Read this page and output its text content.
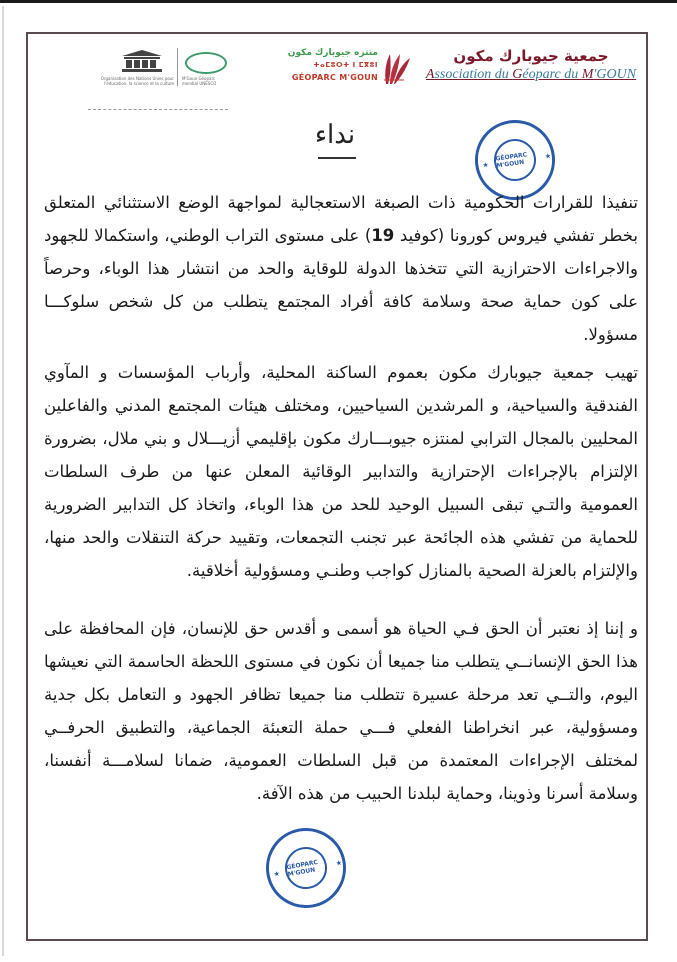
Organisation des Nations Unies pour l'éducation, la science et la culture
M'Goun Géoparc mondial UNESCO
منتزه جيوبارك مكون
ⵜⴰⵎⵓⵔⵜ ⵏ ⵎⴳⵓⵏ
GÉOPARC M'GOUN
جمعية جيوبارك مكون
Association du Géoparc du M'GOUN
نداء
GÉOPARC M'GOUN
★
★
تنفيذا للقرارات الحكومية ذات الصبغة الاستعجالية لمواجهة الوضع الاستثنائي المتعلق بخطر تفشي فيروس كورونا (كوفيد 19) على مستوى التراب الوطني، واستكمالا للجهود والاجراءات الاحترازية التي تتخذها الدولة للوقاية والحد من انتشار هذا الوباء، وحرصاً على كون حماية صحة وسلامة كافة أفراد المجتمع يتطلب من كل شخص سلوكـــا مسؤولا.
تهيب جمعية جيوبارك مكون بعموم الساكنة المحلية، وأرباب المؤسسات و المآوي الفندقية والسياحية، و المرشدين السياحيين، ومختلف هيئات المجتمع المدني والفاعلين المحليين بالمجال الترابي لمنتزه جيوبـــارك مكون بإقليمي أزيـــلال و بني ملال، بضرورة الإلتزام بالإجراءات الإحترازية والتدابير الوقائية المعلن عنها من طرف السلطات العمومية والتـي تبقى السبيل الوحيد للحد من هذا الوباء، واتخاذ كل التدابير الضرورية للحماية من تفشي هذه الجائحة عبر تجنب التجمعات، وتقييد حركة التنقلات والحد منها، والإلتزام بالعزلة الصحية بالمنازل كواجب وطنـي ومسؤولية أخلاقية.
و إننا إذ نعتبر أن الحق فـي الحياة هو أسمى و أقدس حق للإنسان، فإن المحافظة على هذا الحق الإنسانــي يتطلب منا جميعا أن نكون في مستوى اللحظة الحاسمة التي نعيشها اليوم، والتــي تعد مرحلة عسيرة تتطلب منا جميعا تظافر الجهود و التعامل بكل جدية ومسؤولية، عبر انخراطنا الفعلي فـــي حملة التعبئة الجماعية، والتطبيق الحرفــي لمختلف الإجراءات المعتمدة من قبل السلطات العمومية، ضمانا لسلامـــة أنفسنا، وسلامة أسرنا وذوينا، وحماية لبلدنا الحبيب من هذه الآفة.
GÉOPARC M'GOUN
★
★
